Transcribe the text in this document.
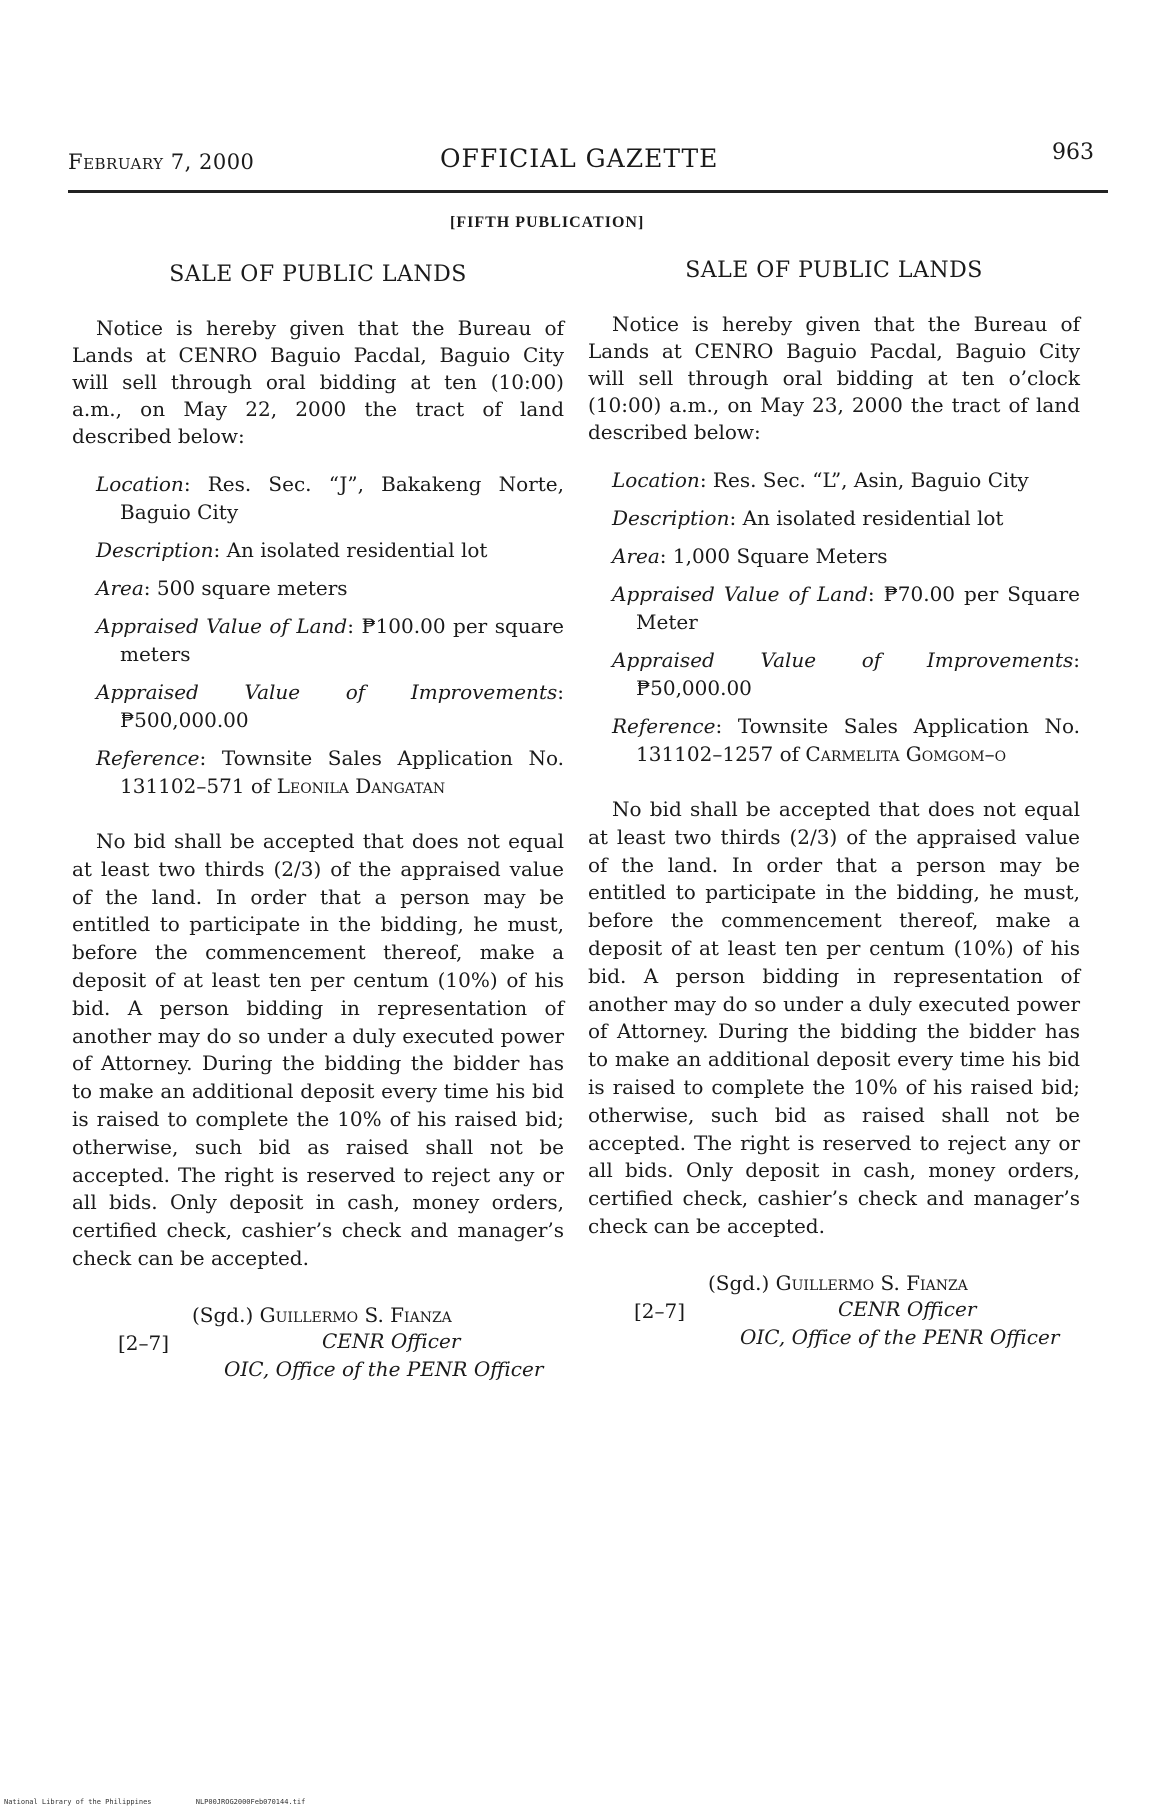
February 7, 2000	OFFICIAL GAZETTE	963
[FIFTH PUBLICATION]
SALE OF PUBLIC LANDS

Notice is hereby given that the Bureau of Lands at CENRO Baguio Pacdal, Baguio City will sell through oral bidding at ten (10:00) a.m., on May 22, 2000 the tract of land described below:

Location: Res. Sec. “J”, Bakakeng Norte, Baguio City
Description: An isolated residential lot
Area: 500 square meters
Appraised Value of Land: ₱100.00 per square meters
Appraised Value of Improvements: ₱500,000.00
Reference: Townsite Sales Application No. 131102–571 of Leonila Dangatan

No bid shall be accepted that does not equal at least two thirds (2/3) of the appraised value of the land. In order that a person may be entitled to participate in the bidding, he must, before the commencement thereof, make a deposit of at least ten per centum (10%) of his bid. A person bidding in representation of another may do so under a duly executed power of Attorney. During the bidding the bidder has to make an additional deposit every time his bid is raised to complete the 10% of his raised bid; otherwise, such bid as raised shall not be accepted. The right is reserved to reject any or all bids. Only deposit in cash, money orders, certified check, cashier’s check and manager’s check can be accepted.

(Sgd.) Guillermo S. Fianza
[2–7]	CENR Officer
OIC, Office of the PENR Officer
SALE OF PUBLIC LANDS

Notice is hereby given that the Bureau of Lands at CENRO Baguio Pacdal, Baguio City will sell through oral bidding at ten o’clock (10:00) a.m., on May 23, 2000 the tract of land described below:

Location: Res. Sec. “L”, Asin, Baguio City
Description: An isolated residential lot
Area: 1,000 Square Meters
Appraised Value of Land: ₱70.00 per Square Meter
Appraised Value of Improvements: ₱50,000.00
Reference: Townsite Sales Application No. 131102–1257 of Carmelita Gomgom–o

No bid shall be accepted that does not equal at least two thirds (2/3) of the appraised value of the land. In order that a person may be entitled to participate in the bidding, he must, before the commencement thereof, make a deposit of at least ten per centum (10%) of his bid. A person bidding in representation of another may do so under a duly executed power of Attorney. During the bidding the bidder has to make an additional deposit every time his bid is raised to complete the 10% of his raised bid; otherwise, such bid as raised shall not be accepted. The right is reserved to reject any or all bids. Only deposit in cash, money orders, certified check, cashier’s check and manager’s check can be accepted.

(Sgd.) Guillermo S. Fianza
[2–7]	CENR Officer
OIC, Office of the PENR Officer
National Library of the Philippines	NLP00JROG2000Feb070144.tif
